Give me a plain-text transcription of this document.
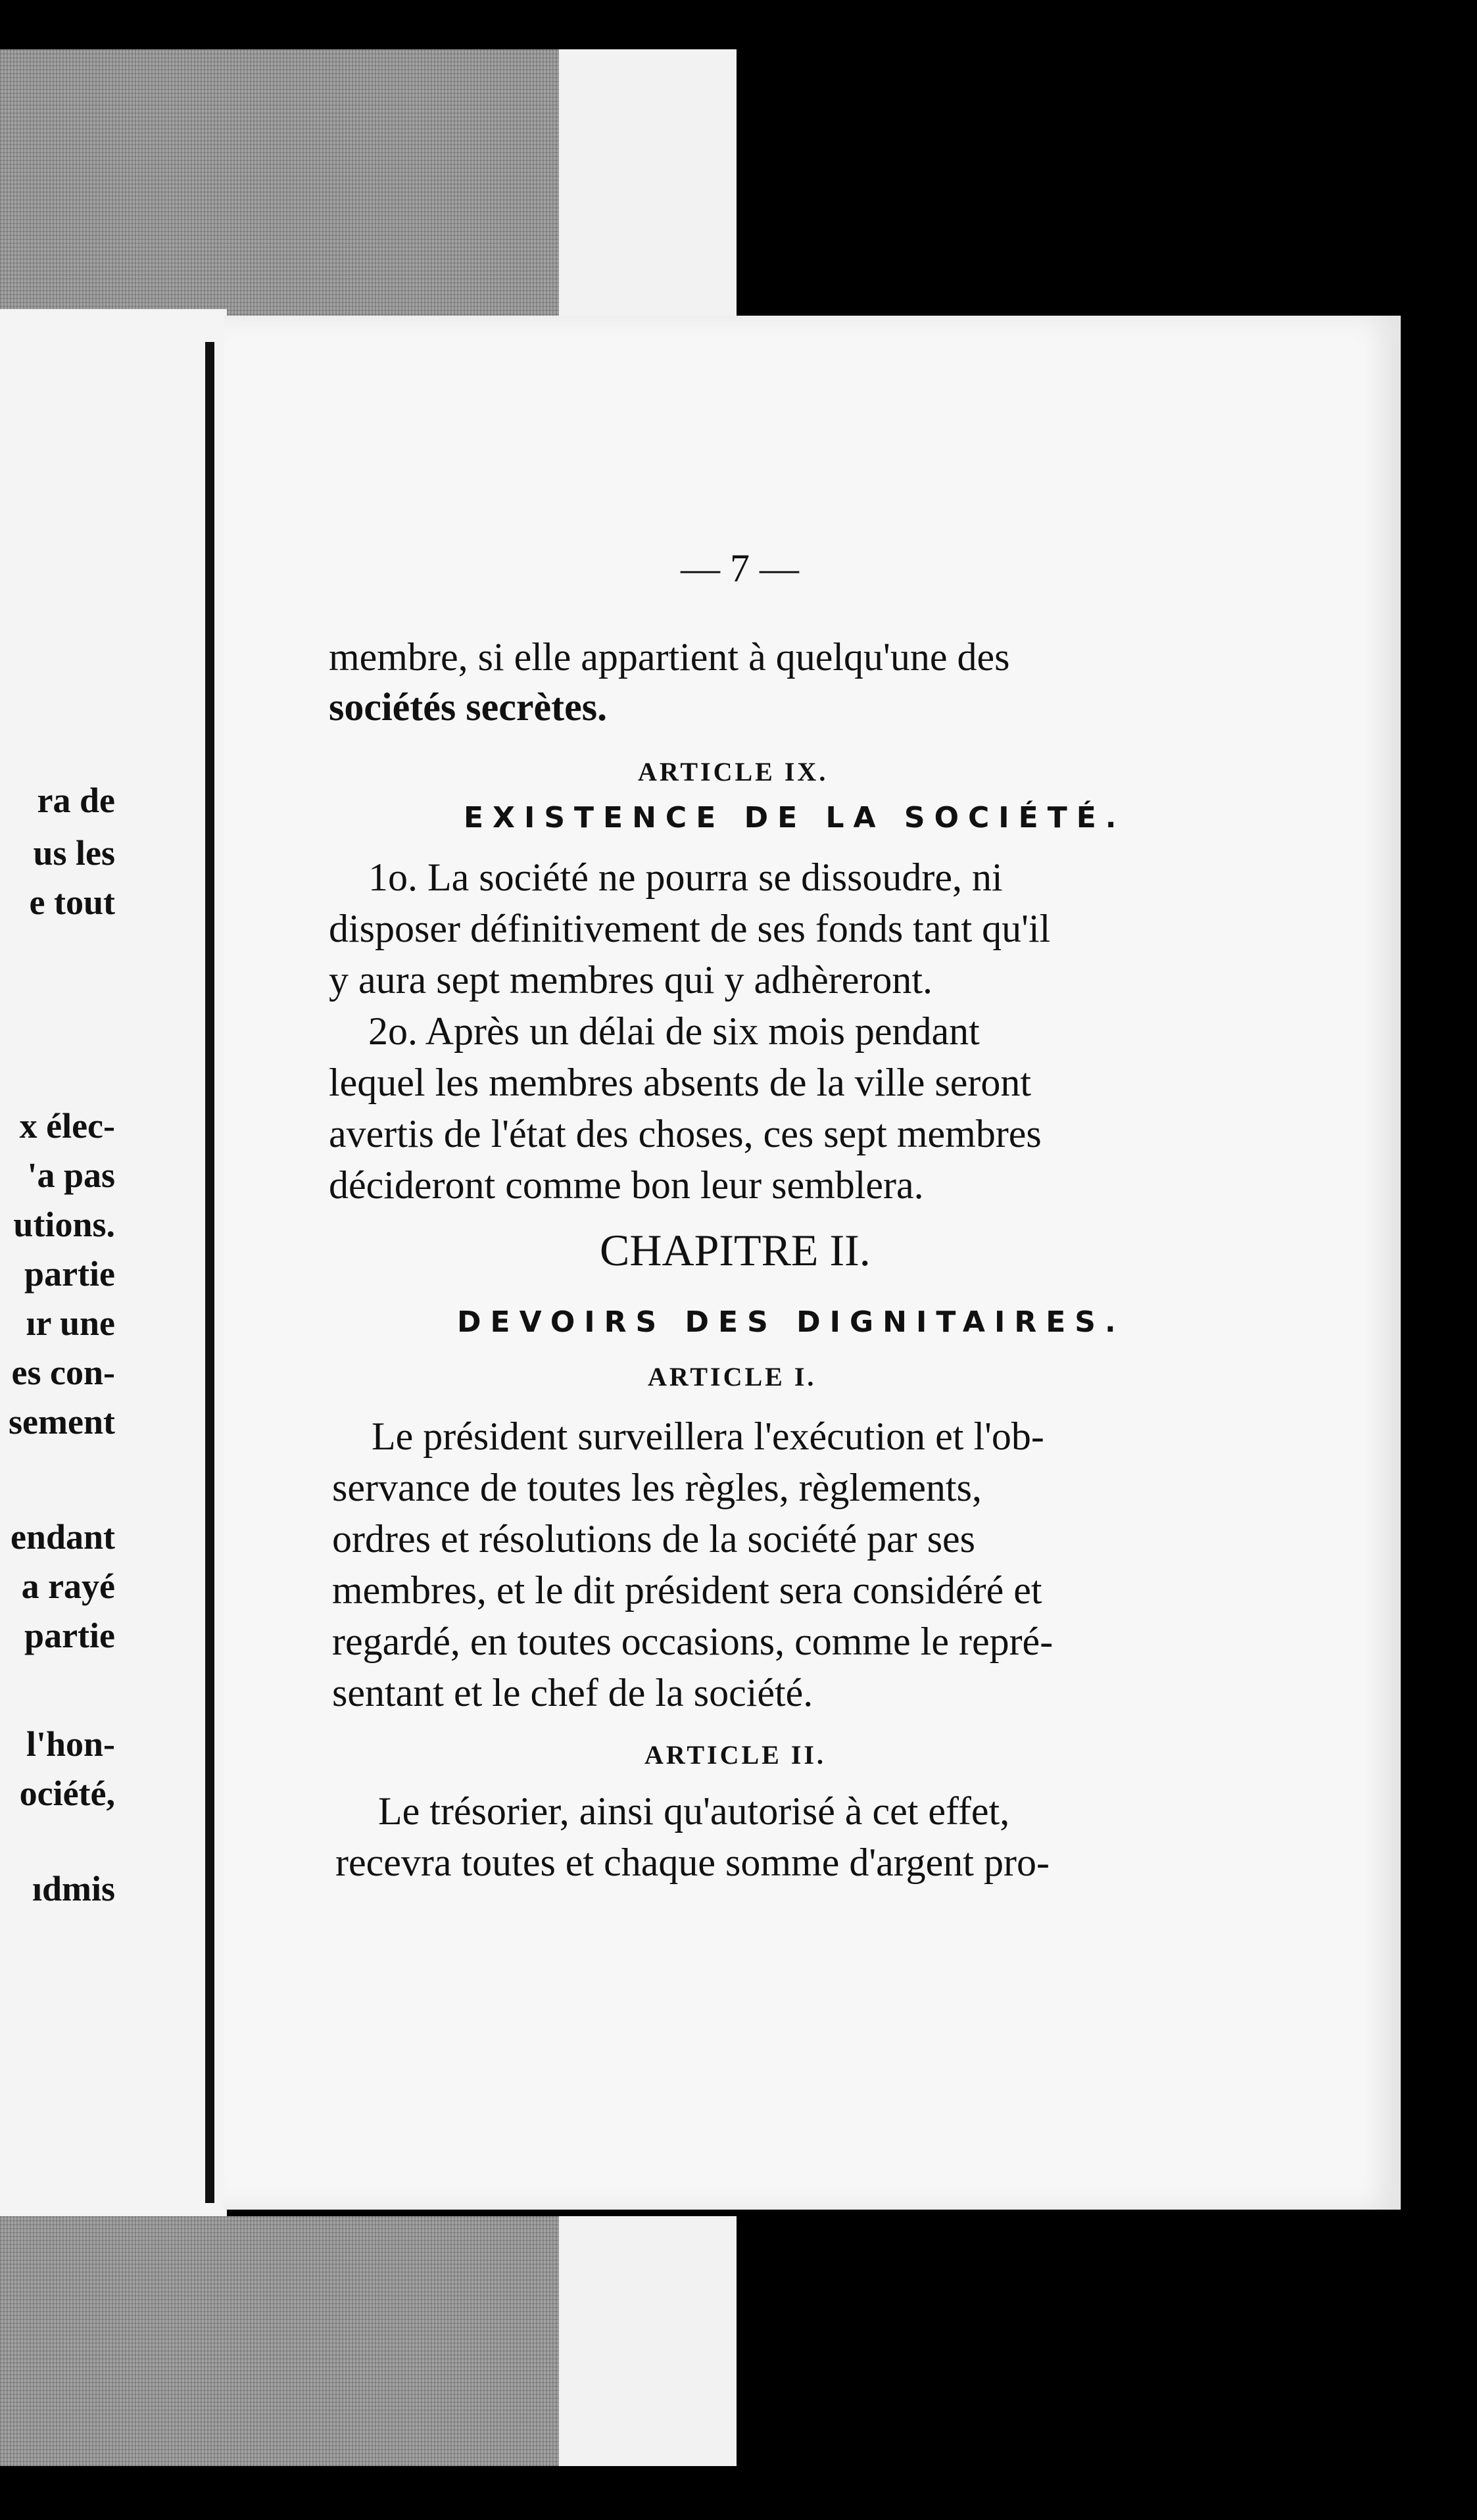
ra de
us les
e tout
x élec-
'a pas
utions.
partie
ır une
es con-
sement
endant
a rayé
partie
l'hon-
ociété,
ıdmis
— 7 —
membre, si elle appartient à quelqu'une des
sociétés secrètes.
ARTICLE IX.
EXISTENCE DE LA SOCIÉTÉ.
1o. La société ne pourra se dissoudre, ni
disposer définitivement de ses fonds tant qu'il
y aura sept membres qui y adhèreront.
2o. Après un délai de six mois pendant
lequel les membres absents de la ville seront
avertis de l'état des choses, ces sept membres
décideront comme bon leur semblera.
CHAPITRE II.
DEVOIRS DES DIGNITAIRES.
ARTICLE I.
Le président surveillera l'exécution et l'ob-
servance de toutes les règles, règlements,
ordres et résolutions de la société par ses
membres, et le dit président sera considéré et
regardé, en toutes occasions, comme le repré-
sentant et le chef de la société.
ARTICLE II.
Le trésorier, ainsi qu'autorisé à cet effet,
recevra toutes et chaque somme d'argent pro-
